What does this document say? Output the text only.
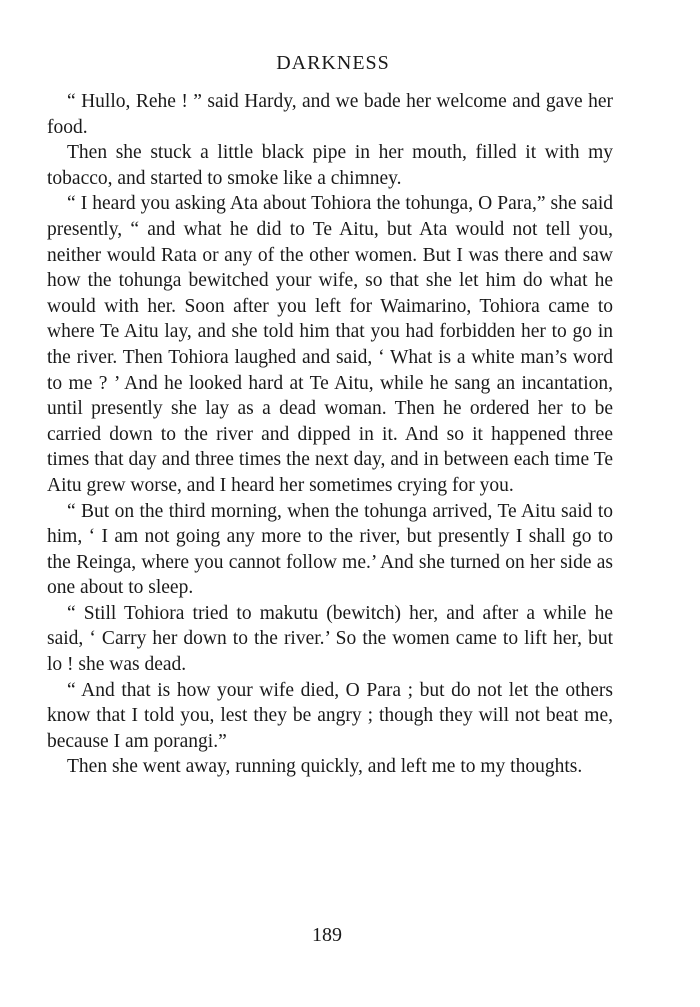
DARKNESS

“ Hullo, Rehe ! ” said Hardy, and we bade her welcome and gave her food.

Then she stuck a little black pipe in her mouth, filled it with my tobacco, and started to smoke like a chimney.

“ I heard you asking Ata about Tohiora the tohunga, O Para,” she said presently, “ and what he did to Te Aitu, but Ata would not tell you, neither would Rata or any of the other women. But I was there and saw how the tohunga bewitched your wife, so that she let him do what he would with her. Soon after you left for Waimarino, Tohiora came to where Te Aitu lay, and she told him that you had forbidden her to go in the river. Then Tohiora laughed and said, ‘ What is a white man’s word to me ? ’ And he looked hard at Te Aitu, while he sang an incantation, until presently she lay as a dead woman. Then he ordered her to be carried down to the river and dipped in it. And so it happened three times that day and three times the next day, and in between each time Te Aitu grew worse, and I heard her sometimes crying for you.

“ But on the third morning, when the tohunga arrived, Te Aitu said to him, ‘ I am not going any more to the river, but presently I shall go to the Reinga, where you cannot follow me.’ And she turned on her side as one about to sleep.

“ Still Tohiora tried to makutu (bewitch) her, and after a while he said, ‘ Carry her down to the river.’ So the women came to lift her, but lo ! she was dead.

“ And that is how your wife died, O Para ; but do not let the others know that I told you, lest they be angry ; though they will not beat me, because I am porangi.”

Then she went away, running quickly, and left me to my thoughts.

189
